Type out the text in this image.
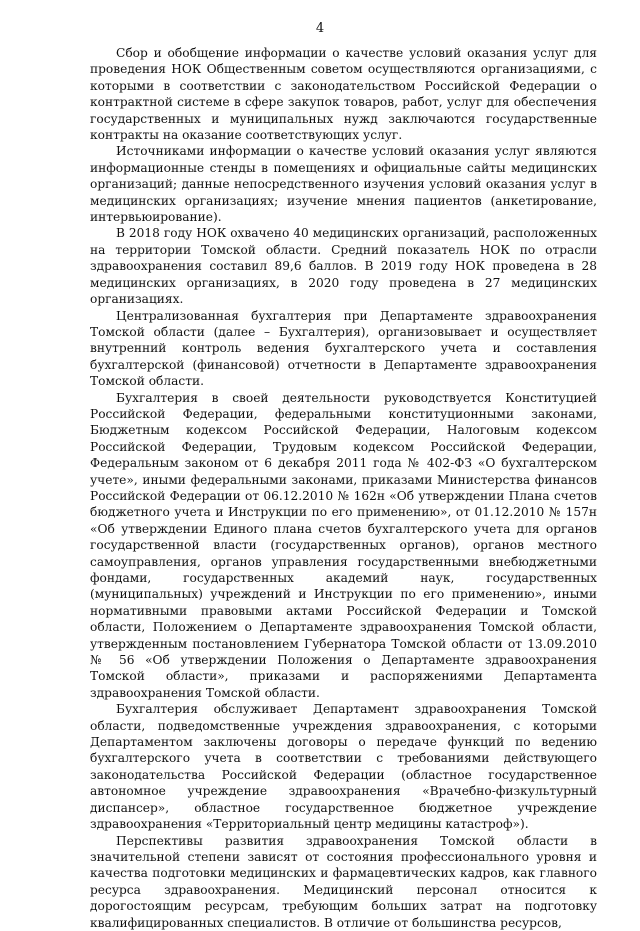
4

Сбор и обобщение информации о качестве условий оказания услуг для проведения НОК Общественным советом осуществляются организациями, с которыми в соответствии с законодательством Российской Федерации о контрактной системе в сфере закупок товаров, работ, услуг для обеспечения государственных и муниципальных нужд заключаются государственные контракты на оказание соответствующих услуг.

Источниками информации о качестве условий оказания услуг являются информационные стенды в помещениях и официальные сайты медицинских организаций; данные непосредственного изучения условий оказания услуг в медицинских организациях; изучение мнения пациентов (анкетирование, интервьюирование).

В 2018 году НОК охвачено 40 медицинских организаций, расположенных на территории Томской области. Средний показатель НОК по отрасли здравоохранения составил 89,6 баллов. В 2019 году НОК проведена в 28 медицинских организациях, в 2020 году проведена в 27 медицинских организациях.

Централизованная бухгалтерия при Департаменте здравоохранения Томской области (далее – Бухгалтерия), организовывает и осуществляет внутренний контроль ведения бухгалтерского учета и составления бухгалтерской (финансовой) отчетности в Департаменте здравоохранения Томской области.

Бухгалтерия в своей деятельности руководствуется Конституцией Российской Федерации, федеральными конституционными законами, Бюджетным кодексом Российской Федерации, Налоговым кодексом Российской Федерации, Трудовым кодексом Российской Федерации, Федеральным законом от 6 декабря 2011 года № 402-ФЗ «О бухгалтерском учете», иными федеральными законами, приказами Министерства финансов Российской Федерации от 06.12.2010 № 162н «Об утверждении Плана счетов бюджетного учета и Инструкции по его применению», от 01.12.2010 № 157н «Об утверждении Единого плана счетов бухгалтерского учета для органов государственной власти (государственных органов), органов местного самоуправления, органов управления государственными внебюджетными фондами, государственных академий наук, государственных (муниципальных) учреждений и Инструкции по его применению», иными нормативными правовыми актами Российской Федерации и Томской области, Положением о Департаменте здравоохранения Томской области, утвержденным постановлением Губернатора Томской области от 13.09.2010 № 56 «Об утверждении Положения о Департаменте здравоохранения Томской области», приказами и распоряжениями Департамента здравоохранения Томской области.

Бухгалтерия обслуживает Департамент здравоохранения Томской области, подведомственные учреждения здравоохранения, с которыми Департаментом заключены договоры о передаче функций по ведению бухгалтерского учета в соответствии с требованиями действующего законодательства Российской Федерации (областное государственное автономное учреждение здравоохранения «Врачебно-физкультурный диспансер», областное государственное бюджетное учреждение здравоохранения «Территориальный центр медицины катастроф»).

Перспективы развития здравоохранения Томской области в значительной степени зависят от состояния профессионального уровня и качества подготовки медицинских и фармацевтических кадров, как главного ресурса здравоохранения. Медицинский персонал относится к дорогостоящим ресурсам, требующим больших затрат на подготовку квалифицированных специалистов. В отличие от большинства ресурсов,
